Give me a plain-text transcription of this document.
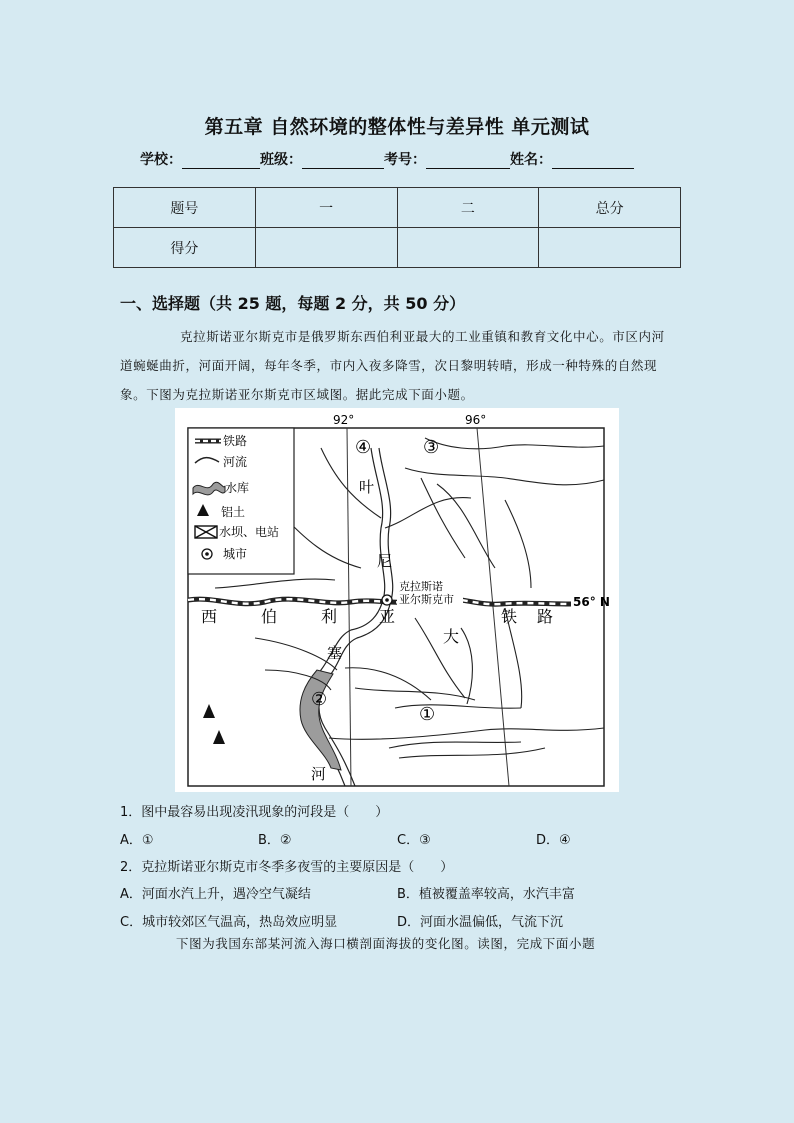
第五章 自然环境的整体性与差异性 单元测试
学校：	班级：	考号：	姓名：
题号	一	二	总分
得分			
一、选择题（共 25 题，每题 2 分，共 50 分）
克拉斯诺亚尔斯克市是俄罗斯东西伯利亚最大的工业重镇和教育文化中心。市区内河道蜿蜒曲折，河面开阔，每年冬季，市内入夜多降雪，次日黎明转晴，形成一种特殊的自然现象。下图为克拉斯诺亚尔斯克市区域图。据此完成下面小题。
92°	96°
56° N
铁路
河流
水库
铝土
水坝、电站
城市
克拉斯诺
亚尔斯克市
叶
尼
塞
河
西	伯	利	亚
大
铁 路
①
②
③
④
1．图中最容易出现凌汛现象的河段是（　　）
A．①	B．②	C．③	D．④
2．克拉斯诺亚尔斯克市冬季多夜雪的主要原因是（　　）
A．河面水汽上升，遇冷空气凝结	B．植被覆盖率较高，水汽丰富
C．城市较郊区气温高，热岛效应明显	D．河面水温偏低，气流下沉
下图为我国东部某河流入海口横剖面海拔的变化图。读图，完成下面小题
